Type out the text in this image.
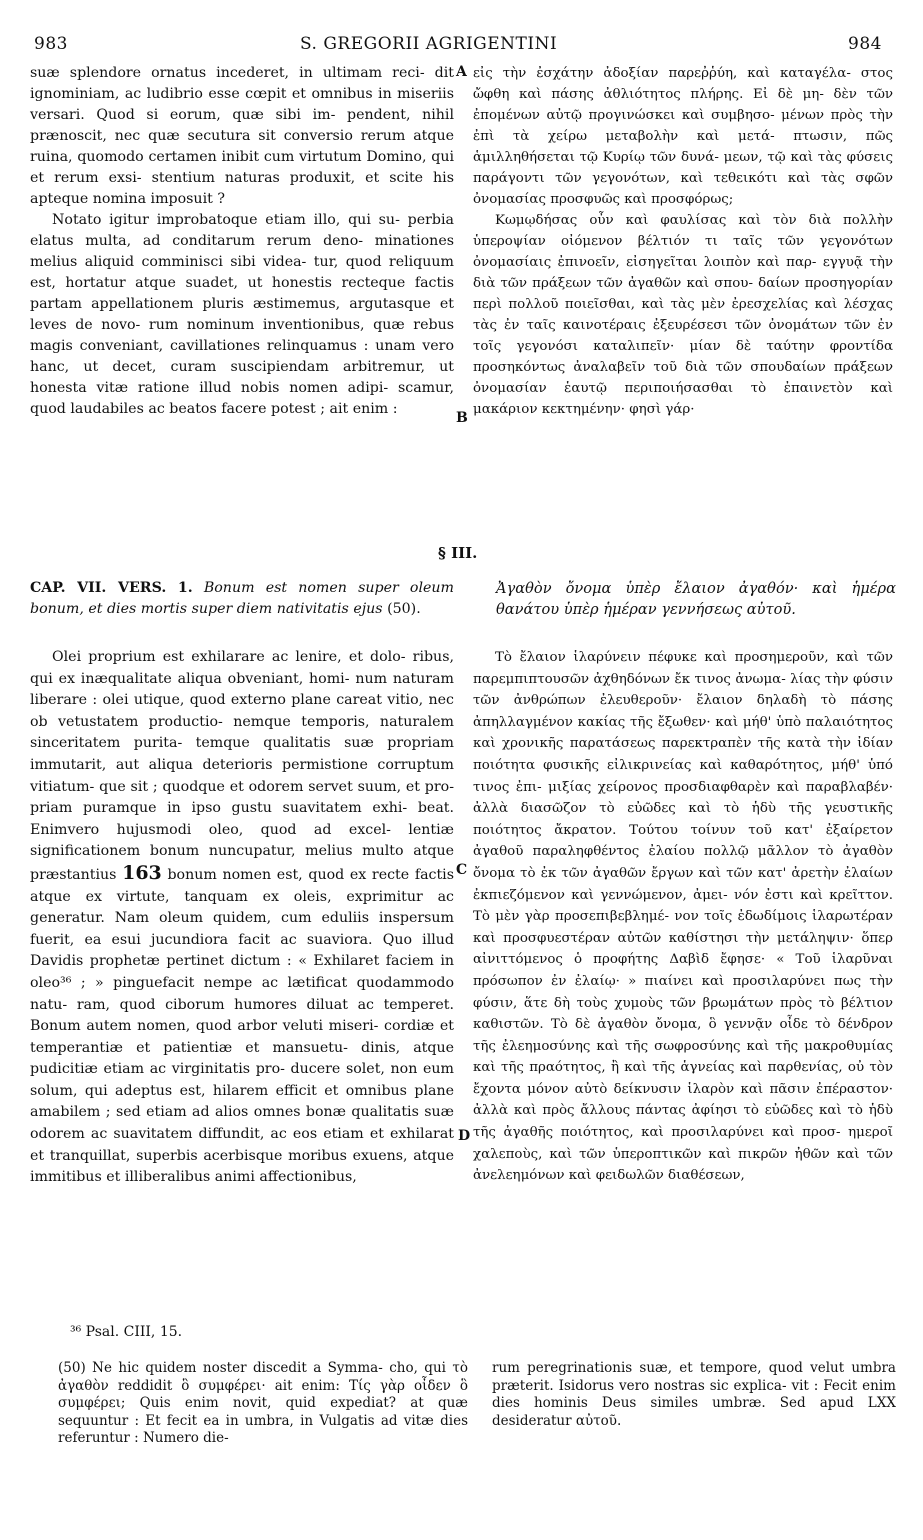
983	S. GREGORII AGRIGENTINI	984
A
B
C
D

suæ splendore ornatus incederet, in ultimam reci- dit ignominiam, ac ludibrio esse cœpit et omnibus in miseriis versari. Quod si eorum, quæ sibi im- pendent, nihil prænoscit, nec quæ secutura sit conversio rerum atque ruina, quomodo certamen inibit cum virtutum Domino, qui et rerum exsi- stentium naturas produxit, et scite his apteque nomina imposuit ?

Notato igitur improbatoque etiam illo, qui su- perbia elatus multa, ad conditarum rerum deno- minationes melius aliquid comminisci sibi videa- tur, quod reliquum est, hortatur atque suadet, ut honestis recteque factis partam appellationem pluris æstimemus, argutasque et leves de novo- rum nominum inventionibus, quæ rebus magis conveniant, cavillationes relinquamus : unam vero hanc, ut decet, curam suscipiendam arbitremur, ut honesta vitæ ratione illud nobis nomen adipi- scamur, quod laudabiles ac beatos facere potest ; ait enim :

εἰς τὴν ἐσχάτην ἀδοξίαν παρεῤῥύη, καὶ καταγέλα- στος ὤφθη καὶ πάσης ἀθλιότητος πλήρης. Εἰ δὲ μη- δὲν τῶν ἐπομένων αὐτῷ προγινώσκει καὶ συμβησο- μένων πρὸς τὴν ἐπὶ τὰ χείρω μεταβολὴν καὶ μετά- πτωσιν, πῶς ἁμιλληθήσεται τῷ Κυρίῳ τῶν δυνά- μεων, τῷ καὶ τὰς φύσεις παράγοντι τῶν γεγονότων, καὶ τεθεικότι καὶ τὰς σφῶν ὀνομασίας προσφυῶς καὶ προσφόρως;

Κωμῳδήσας οὖν καὶ φαυλίσας καὶ τὸν διὰ πολλὴν ὑπεροψίαν οἰόμενον βέλτιόν τι ταῖς τῶν γεγονότων ὀνομασίαις ἐπινοεῖν, εἰσηγεῖται λοιπὸν καὶ παρ- εγγυᾷ τὴν διὰ τῶν πράξεων τῶν ἀγαθῶν καὶ σπου- δαίων προσηγορίαν περὶ πολλοῦ ποιεῖσθαι, καὶ τὰς μὲν ἐρεσχελίας καὶ λέσχας τὰς ἐν ταῖς καινοτέραις ἐξευρέσεσι τῶν ὀνομάτων τῶν ἐν τοῖς γεγονόσι καταλιπεῖν· μίαν δὲ ταύτην φροντίδα προσηκόντως ἀναλαβεῖν τοῦ διὰ τῶν σπουδαίων πράξεων ὀνομασίαν ἑαυτῷ περιποιήσασθαι τὸ ἐπαινετὸν καὶ μακάριον κεκτημένην· φησὶ γάρ·

§ III.

CAP. VII. VERS. 1. Bonum est nomen super oleum bonum, et dies mortis super diem nativitatis ejus (50).

Ἀγαθὸν ὄνομα ὑπὲρ ἔλαιον ἀγαθόν· καὶ ἡμέρα θανάτου ὑπὲρ ἡμέραν γεννήσεως αὐτοῦ.

Olei proprium est exhilarare ac lenire, et dolo- ribus, qui ex inæqualitate aliqua obveniant, homi- num naturam liberare : olei utique, quod externo plane careat vitio, nec ob vetustatem productio- nemque temporis, naturalem sinceritatem purita- temque qualitatis suæ propriam immutarit, aut aliqua deterioris permistione corruptum vitiatum- que sit ; quodque et odorem servet suum, et pro- priam puramque in ipso gustu suavitatem exhi- beat. Enimvero hujusmodi oleo, quod ad excel- lentiæ significationem bonum nuncupatur, melius multo atque præstantius 163 bonum nomen est, quod ex recte factis atque ex virtute, tanquam ex oleis, exprimitur ac generatur. Nam oleum quidem, cum eduliis inspersum fuerit, ea esui jucundiora facit ac suaviora. Quo illud Davidis prophetæ pertinet dictum : « Exhilaret faciem in oleo³⁶ ; » pinguefacit nempe ac lætificat quodammodo natu- ram, quod ciborum humores diluat ac temperet. Bonum autem nomen, quod arbor veluti miseri- cordiæ et temperantiæ et patientiæ et mansuetu- dinis, atque pudicitiæ etiam ac virginitatis pro- ducere solet, non eum solum, qui adeptus est, hilarem efficit et omnibus plane amabilem ; sed etiam ad alios omnes bonæ qualitatis suæ odorem ac suavitatem diffundit, ac eos etiam et exhilarat et tranquillat, superbis acerbisque moribus exuens, atque immitibus et illiberalibus animi affectionibus,

Τὸ ἔλαιον ἱλαρύνειν πέφυκε καὶ προσημεροῦν, καὶ τῶν παρεμπιπτουσῶν ἀχθηδόνων ἔκ τινος ἀνωμα- λίας τὴν φύσιν τῶν ἀνθρώπων ἐλευθεροῦν· ἔλαιον δηλαδὴ τὸ πάσης ἀπηλλαγμένον κακίας τῆς ἔξωθεν· καὶ μήθ' ὑπὸ παλαιότητος καὶ χρονικῆς παρατάσεως παρεκτραπὲν τῆς κατὰ τὴν ἰδίαν ποιότητα φυσικῆς εἰλικρινείας καὶ καθαρότητος, μήθ' ὑπό τινος ἐπι- μιξίας χείρονος προσδιαφθαρὲν καὶ παραβλαβέν· ἀλλὰ διασῶζον τὸ εὐῶδες καὶ τὸ ἡδὺ τῆς γευστικῆς ποιότητος ἄκρατον. Τούτου τοίνυν τοῦ κατ' ἐξαίρετον ἀγαθοῦ παραληφθέντος ἐλαίου πολλῷ μᾶλλον τὸ ἀγαθὸν ὄνομα τὸ ἐκ τῶν ἀγαθῶν ἔργων καὶ τῶν κατ' ἀρετὴν ἐλαίων ἐκπιεζόμενον καὶ γεννώμενον, ἀμει- νόν ἐστι καὶ κρεῖττον. Τὸ μὲν γὰρ προσεπιβεβλημέ- νον τοῖς ἐδωδίμοις ἱλαρωτέραν καὶ προσφυεστέραν αὐτῶν καθίστησι τὴν μετάληψιν· ὅπερ αἰνιττόμενος ὁ προφήτης Δαβὶδ ἔφησε· « Τοῦ ἱλαρῦναι πρόσωπον ἐν ἐλαίῳ· » πιαίνει καὶ προσιλαρύνει πως τὴν φύσιν, ἅτε δὴ τοὺς χυμοὺς τῶν βρωμάτων πρὸς τὸ βέλτιον καθιστῶν. Τὸ δὲ ἀγαθὸν ὄνομα, ὃ γεννᾷν οἶδε τὸ δένδρον τῆς ἐλεημοσύνης καὶ τῆς σωφροσύνης καὶ τῆς μακροθυμίας καὶ τῆς πραότητος, ἢ καὶ τῆς ἁγνείας καὶ παρθενίας, οὐ τὸν ἔχοντα μόνον αὐτὸ δείκνυσιν ἱλαρὸν καὶ πᾶσιν ἐπέραστον· ἀλλὰ καὶ πρὸς ἄλλους πάντας ἀφίησι τὸ εὐῶδες καὶ τὸ ἡδὺ τῆς ἀγαθῆς ποιότητος, καὶ προσιλαρύνει καὶ προσ- ημεροῖ χαλεποὺς, καὶ τῶν ὑπεροπτικῶν καὶ πικρῶν ἠθῶν καὶ τῶν ἀνελεημόνων καὶ φειδωλῶν διαθέσεων,

³⁶ Psal. CIII, 15.
(50) Ne hic quidem noster discedit a Symma- cho, qui τὸ ἀγαθὸν reddidit ὃ συμφέρει· ait enim: Τίς γὰρ οἶδεν ὃ συμφέρει; Quis enim novit, quid expediat? at quæ sequuntur : Et fecit ea in umbra, in Vulgatis ad vitæ dies referuntur : Numero die-
rum peregrinationis suæ, et tempore, quod velut umbra præterit. Isidorus vero nostras sic explica- vit : Fecit enim dies hominis Deus similes umbræ. Sed apud LXX desideratur αὐτοῦ.
